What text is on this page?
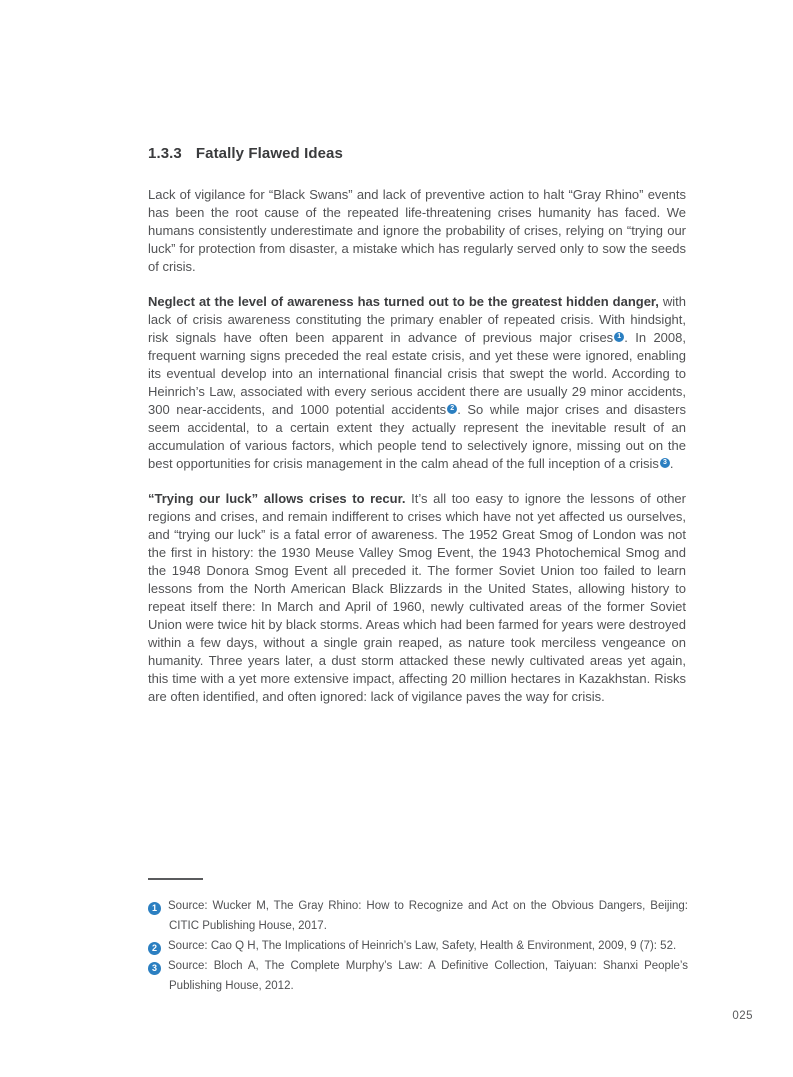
1.3.3 Fatally Flawed Ideas

Lack of vigilance for “Black Swans” and lack of preventive action to halt “Gray Rhino” events has been the root cause of the repeated life-threatening crises humanity has faced. We humans consistently underestimate and ignore the probability of crises, relying on “trying our luck” for protection from disaster, a mistake which has regularly served only to sow the seeds of crisis.

Neglect at the level of awareness has turned out to be the greatest hidden danger, with lack of crisis awareness constituting the primary enabler of repeated crisis. With hindsight, risk signals have often been apparent in advance of previous major crises 1 . In 2008, frequent warning signs preceded the real estate crisis, and yet these were ignored, enabling its eventual develop into an international financial crisis that swept the world. According to Heinrich’s Law, associated with every serious accident there are usually 29 minor accidents, 300 near-accidents, and 1000 potential accidents 2 . So while major crises and disasters seem accidental, to a certain extent they actually represent the inevitable result of an accumulation of various factors, which people tend to selectively ignore, missing out on the best opportunities for crisis management in the calm ahead of the full inception of a crisis 3 .

“Trying our luck” allows crises to recur. It’s all too easy to ignore the lessons of other regions and crises, and remain indifferent to crises which have not yet affected us ourselves, and “trying our luck” is a fatal error of awareness. The 1952 Great Smog of London was not the first in history: the 1930 Meuse Valley Smog Event, the 1943 Photochemical Smog and the 1948 Donora Smog Event all preceded it. The former Soviet Union too failed to learn lessons from the North American Black Blizzards in the United States, allowing history to repeat itself there: In March and April of 1960, newly cultivated areas of the former Soviet Union were twice hit by black storms. Areas which had been farmed for years were destroyed within a few days, without a single grain reaped, as nature took merciless vengeance on humanity. Three years later, a dust storm attacked these newly cultivated areas yet again, this time with a yet more extensive impact, affecting 20 million hectares in Kazakhstan. Risks are often identified, and often ignored: lack of vigilance paves the way for crisis.

1 Source: Wucker M, The Gray Rhino: How to Recognize and Act on the Obvious Dangers, Beijing: CITIC Publishing House, 2017.

2 Source: Cao Q H, The Implications of Heinrich’s Law, Safety, Health & Environment, 2009, 9 (7): 52.

3 Source: Bloch A, The Complete Murphy’s Law: A Definitive Collection, Taiyuan: Shanxi People’s Publishing House, 2012.

025
